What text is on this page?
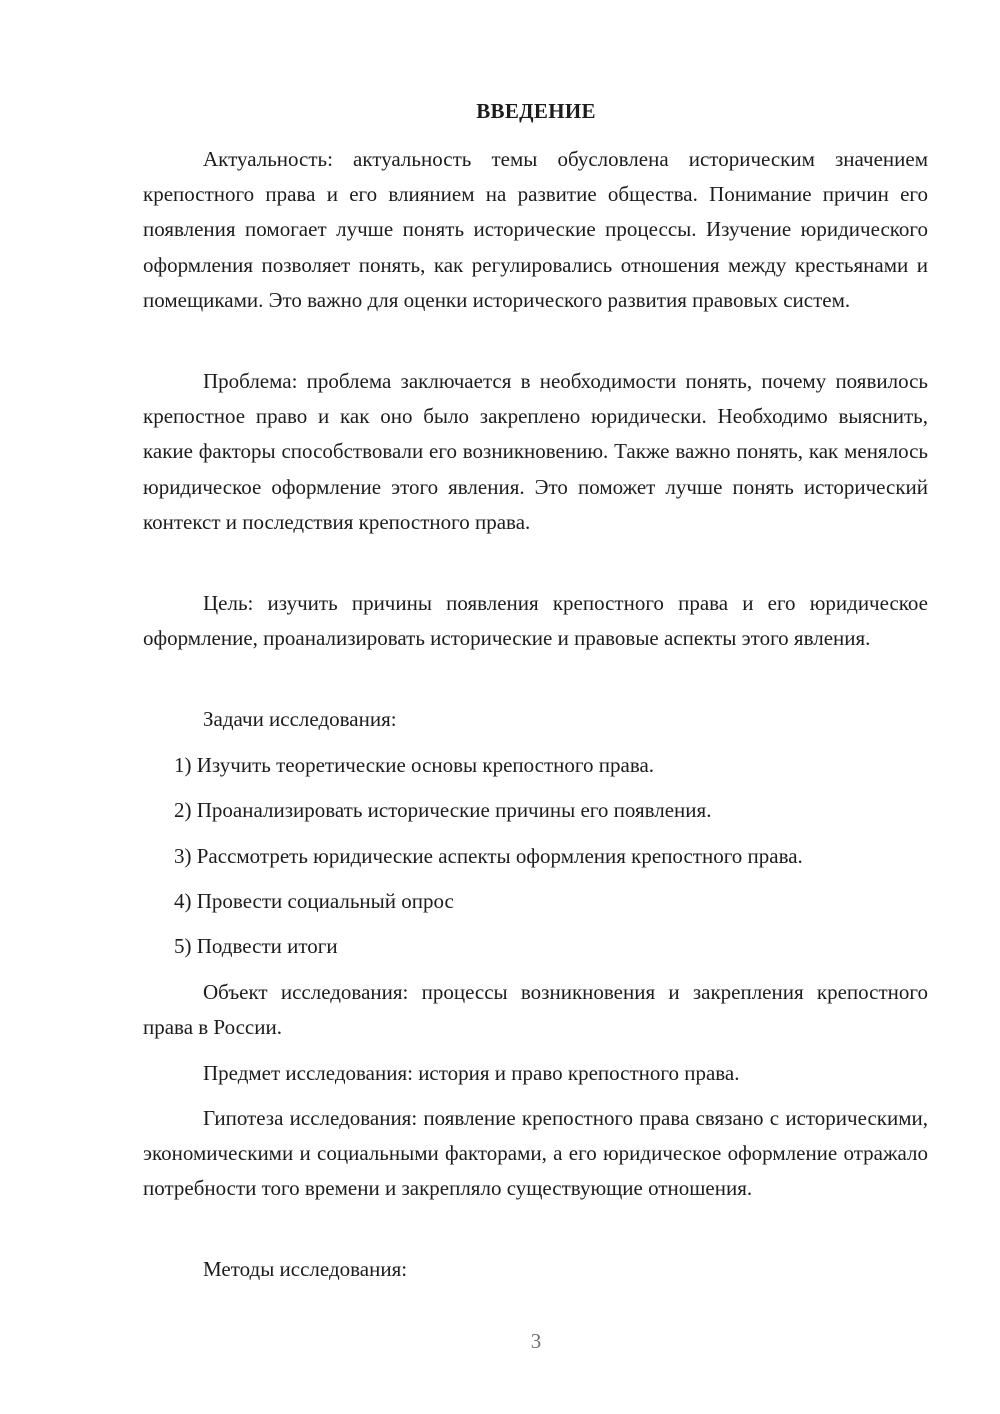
ВВЕДЕНИЕ

Актуальность: актуальность темы обусловлена историческим значением крепостного права и его влиянием на развитие общества. Понимание причин его появления помогает лучше понять исторические процессы. Изучение юридического оформления позволяет понять, как регулировались отношения между крестьянами и помещиками. Это важно для оценки исторического развития правовых систем.

Проблема: проблема заключается в необходимости понять, почему появилось крепостное право и как оно было закреплено юридически. Необходимо выяснить, какие факторы способствовали его возникновению. Также важно понять, как менялось юридическое оформление этого явления. Это поможет лучше понять исторический контекст и последствия крепостного права.

Цель: изучить причины появления крепостного права и его юридическое оформление, проанализировать исторические и правовые аспекты этого явления.

Задачи исследования:

1) Изучить теоретические основы крепостного права.

2) Проанализировать исторические причины его появления.

3) Рассмотреть юридические аспекты оформления крепостного права.

4) Провести социальный опрос

5) Подвести итоги

Объект исследования: процессы возникновения и закрепления крепостного права в России.

Предмет исследования: история и право крепостного права.

Гипотеза исследования: появление крепостного права связано с историческими, экономическими и социальными факторами, а его юридическое оформление отражало потребности того времени и закрепляло существующие отношения.

Методы исследования:

3
